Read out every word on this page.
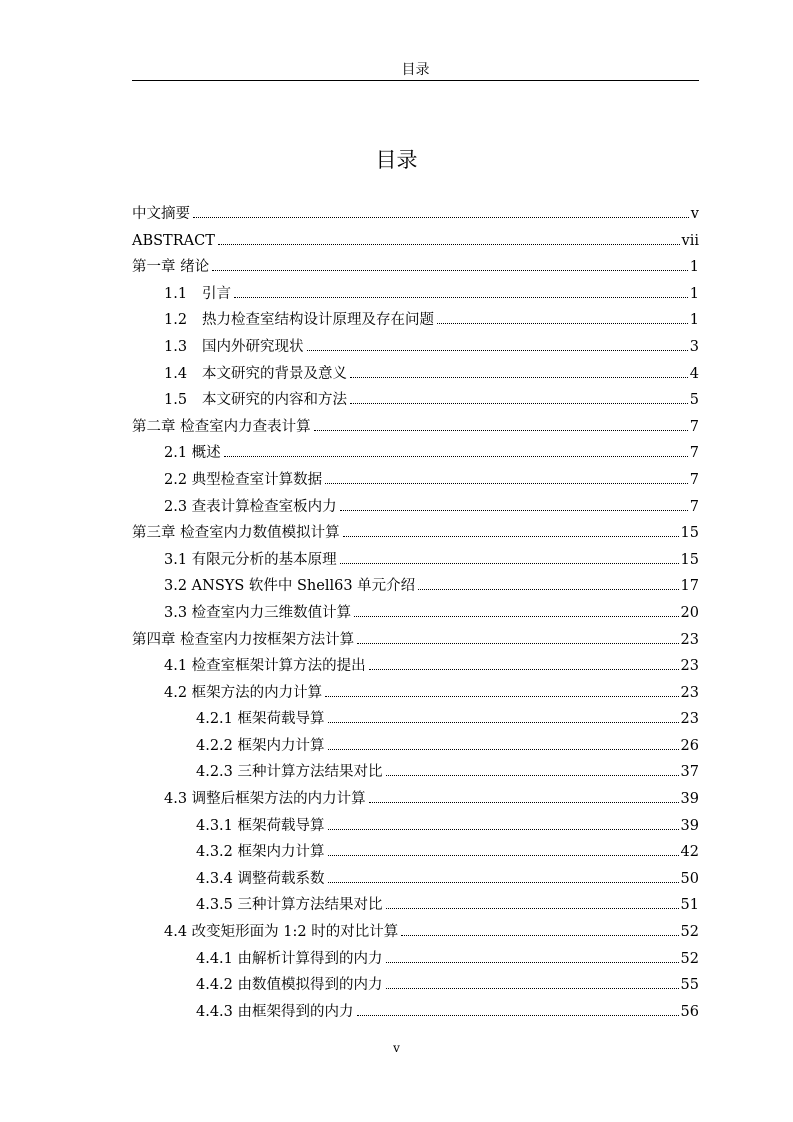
目录
目录
中文摘要	v
ABSTRACT	vii
第一章 绪论	1
1.1	引言	1
1.2	热力检查室结构设计原理及存在问题	1
1.3	国内外研究现状	3
1.4	本文研究的背景及意义	4
1.5	本文研究的内容和方法	5
第二章 检查室内力查表计算	7
2.1 概述	7
2.2 典型检查室计算数据	7
2.3 查表计算检查室板内力	7
第三章 检查室内力数值模拟计算	15
3.1 有限元分析的基本原理	15
3.2 ANSYS 软件中 Shell63 单元介绍	17
3.3 检查室内力三维数值计算	20
第四章 检查室内力按框架方法计算	23
4.1 检查室框架计算方法的提出	23
4.2 框架方法的内力计算	23
4.2.1 框架荷载导算	23
4.2.2 框架内力计算	26
4.2.3 三种计算方法结果对比	37
4.3 调整后框架方法的内力计算	39
4.3.1 框架荷载导算	39
4.3.2 框架内力计算	42
4.3.4 调整荷载系数	50
4.3.5 三种计算方法结果对比	51
4.4 改变矩形面为 1:2 时的对比计算	52
4.4.1 由解析计算得到的内力	52
4.4.2 由数值模拟得到的内力	55
4.4.3 由框架得到的内力	56
v
